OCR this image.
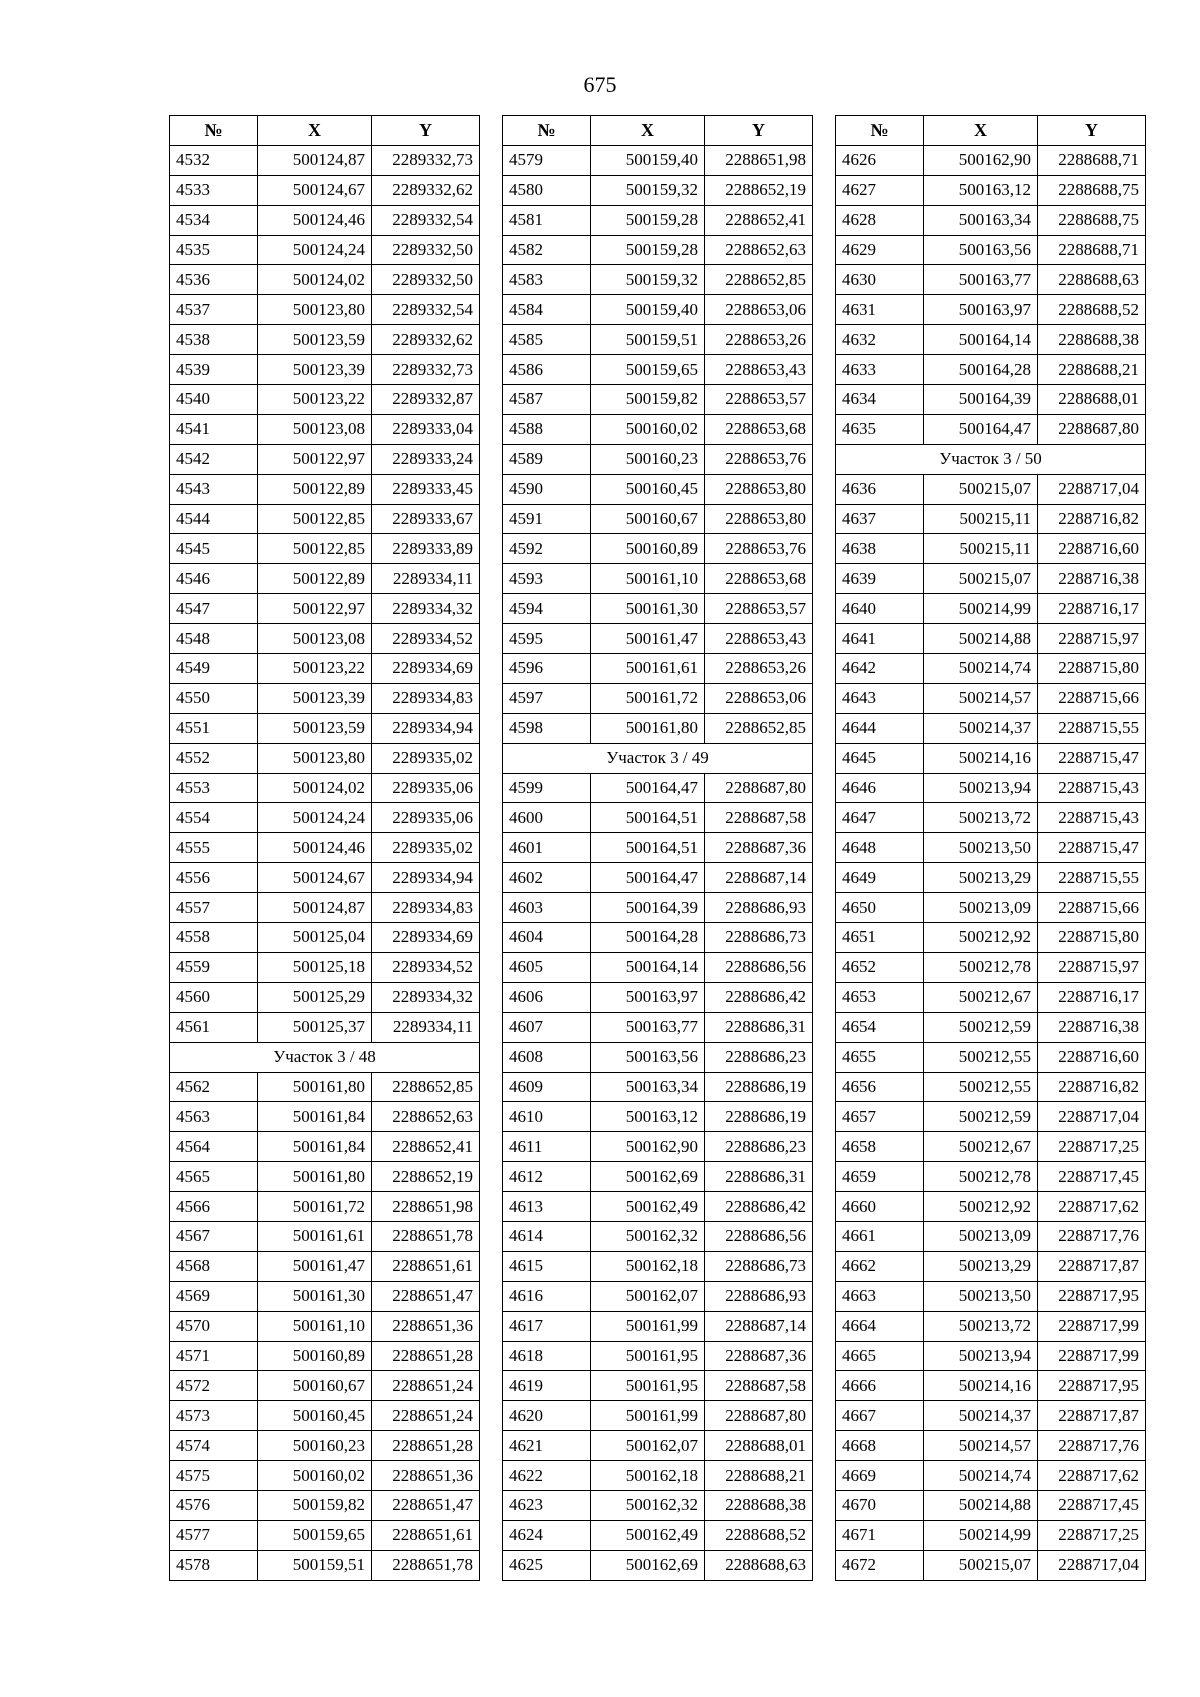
675
№	X	Y
4532	500124,87	2289332,73
4533	500124,67	2289332,62
4534	500124,46	2289332,54
4535	500124,24	2289332,50
4536	500124,02	2289332,50
4537	500123,80	2289332,54
4538	500123,59	2289332,62
4539	500123,39	2289332,73
4540	500123,22	2289332,87
4541	500123,08	2289333,04
4542	500122,97	2289333,24
4543	500122,89	2289333,45
4544	500122,85	2289333,67
4545	500122,85	2289333,89
4546	500122,89	2289334,11
4547	500122,97	2289334,32
4548	500123,08	2289334,52
4549	500123,22	2289334,69
4550	500123,39	2289334,83
4551	500123,59	2289334,94
4552	500123,80	2289335,02
4553	500124,02	2289335,06
4554	500124,24	2289335,06
4555	500124,46	2289335,02
4556	500124,67	2289334,94
4557	500124,87	2289334,83
4558	500125,04	2289334,69
4559	500125,18	2289334,52
4560	500125,29	2289334,32
4561	500125,37	2289334,11
Участок 3 / 48		
4562	500161,80	2288652,85
4563	500161,84	2288652,63
4564	500161,84	2288652,41
4565	500161,80	2288652,19
4566	500161,72	2288651,98
4567	500161,61	2288651,78
4568	500161,47	2288651,61
4569	500161,30	2288651,47
4570	500161,10	2288651,36
4571	500160,89	2288651,28
4572	500160,67	2288651,24
4573	500160,45	2288651,24
4574	500160,23	2288651,28
4575	500160,02	2288651,36
4576	500159,82	2288651,47
4577	500159,65	2288651,61
4578	500159,51	2288651,78
№	X	Y
4579	500159,40	2288651,98
4580	500159,32	2288652,19
4581	500159,28	2288652,41
4582	500159,28	2288652,63
4583	500159,32	2288652,85
4584	500159,40	2288653,06
4585	500159,51	2288653,26
4586	500159,65	2288653,43
4587	500159,82	2288653,57
4588	500160,02	2288653,68
4589	500160,23	2288653,76
4590	500160,45	2288653,80
4591	500160,67	2288653,80
4592	500160,89	2288653,76
4593	500161,10	2288653,68
4594	500161,30	2288653,57
4595	500161,47	2288653,43
4596	500161,61	2288653,26
4597	500161,72	2288653,06
4598	500161,80	2288652,85
Участок 3 / 49		
4599	500164,47	2288687,80
4600	500164,51	2288687,58
4601	500164,51	2288687,36
4602	500164,47	2288687,14
4603	500164,39	2288686,93
4604	500164,28	2288686,73
4605	500164,14	2288686,56
4606	500163,97	2288686,42
4607	500163,77	2288686,31
4608	500163,56	2288686,23
4609	500163,34	2288686,19
4610	500163,12	2288686,19
4611	500162,90	2288686,23
4612	500162,69	2288686,31
4613	500162,49	2288686,42
4614	500162,32	2288686,56
4615	500162,18	2288686,73
4616	500162,07	2288686,93
4617	500161,99	2288687,14
4618	500161,95	2288687,36
4619	500161,95	2288687,58
4620	500161,99	2288687,80
4621	500162,07	2288688,01
4622	500162,18	2288688,21
4623	500162,32	2288688,38
4624	500162,49	2288688,52
4625	500162,69	2288688,63
№	X	Y
4626	500162,90	2288688,71
4627	500163,12	2288688,75
4628	500163,34	2288688,75
4629	500163,56	2288688,71
4630	500163,77	2288688,63
4631	500163,97	2288688,52
4632	500164,14	2288688,38
4633	500164,28	2288688,21
4634	500164,39	2288688,01
4635	500164,47	2288687,80
Участок 3 / 50		
4636	500215,07	2288717,04
4637	500215,11	2288716,82
4638	500215,11	2288716,60
4639	500215,07	2288716,38
4640	500214,99	2288716,17
4641	500214,88	2288715,97
4642	500214,74	2288715,80
4643	500214,57	2288715,66
4644	500214,37	2288715,55
4645	500214,16	2288715,47
4646	500213,94	2288715,43
4647	500213,72	2288715,43
4648	500213,50	2288715,47
4649	500213,29	2288715,55
4650	500213,09	2288715,66
4651	500212,92	2288715,80
4652	500212,78	2288715,97
4653	500212,67	2288716,17
4654	500212,59	2288716,38
4655	500212,55	2288716,60
4656	500212,55	2288716,82
4657	500212,59	2288717,04
4658	500212,67	2288717,25
4659	500212,78	2288717,45
4660	500212,92	2288717,62
4661	500213,09	2288717,76
4662	500213,29	2288717,87
4663	500213,50	2288717,95
4664	500213,72	2288717,99
4665	500213,94	2288717,99
4666	500214,16	2288717,95
4667	500214,37	2288717,87
4668	500214,57	2288717,76
4669	500214,74	2288717,62
4670	500214,88	2288717,45
4671	500214,99	2288717,25
4672	500215,07	2288717,04
